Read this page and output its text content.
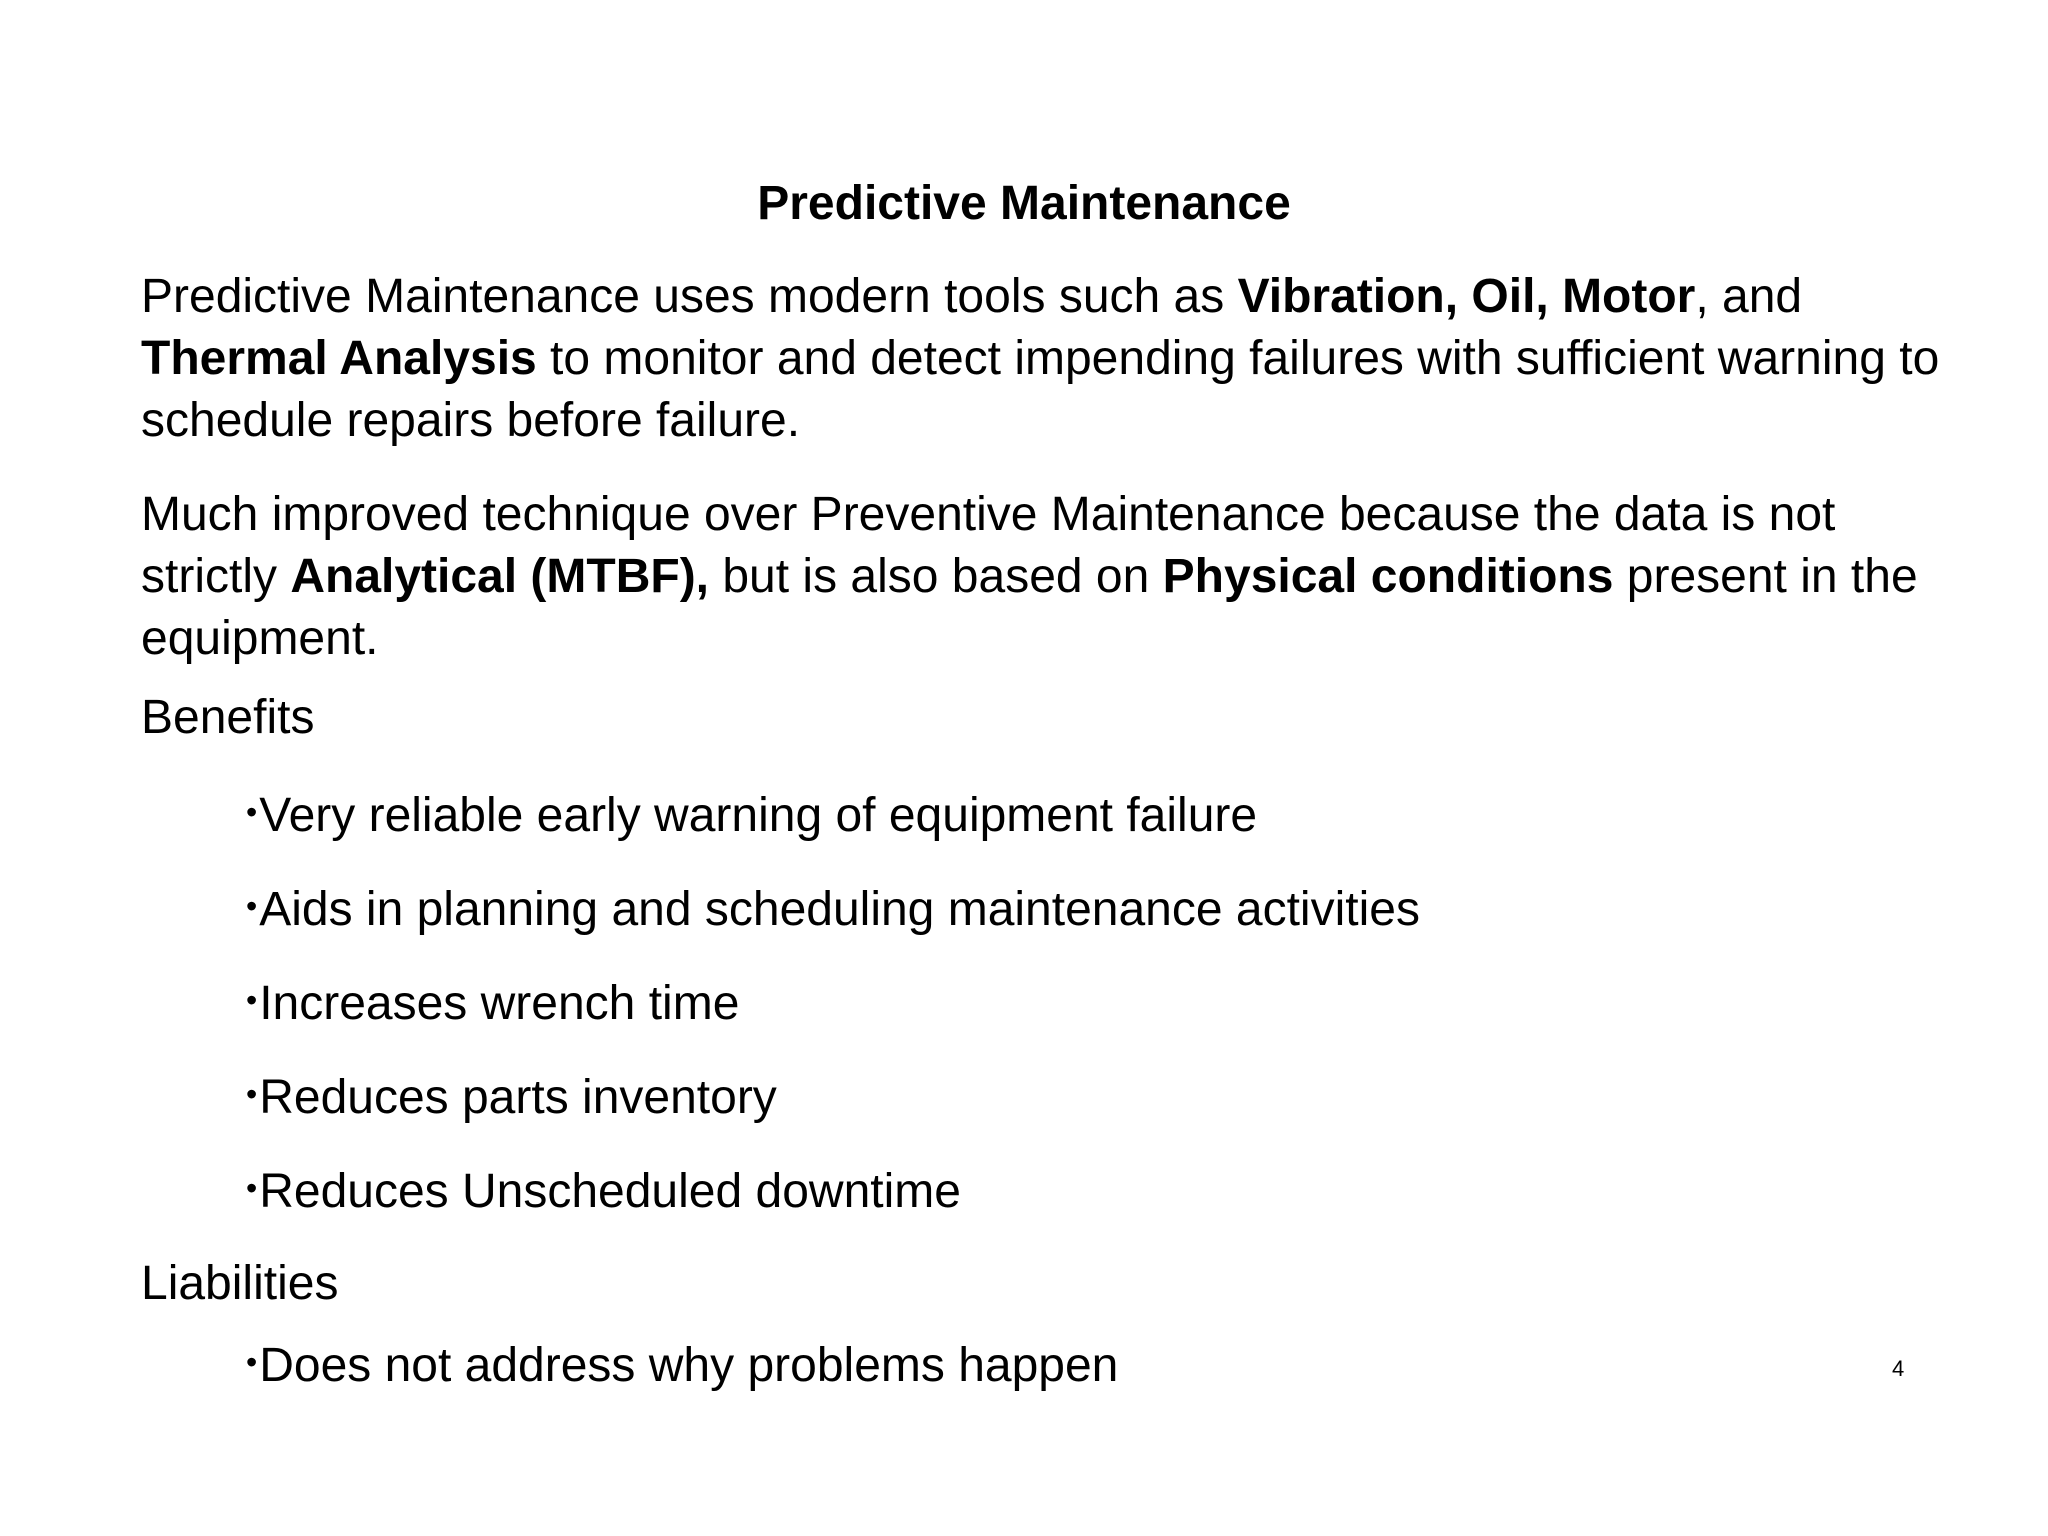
Predictive Maintenance

Predictive Maintenance uses modern tools such as Vibration, Oil, Motor, and Thermal Analysis to monitor and detect impending failures with sufficient warning to schedule repairs before failure.

Much improved technique over Preventive Maintenance because the data is not strictly Analytical (MTBF), but is also based on Physical conditions present in the equipment.

Benefits
•Very reliable early warning of equipment failure
•Aids in planning and scheduling maintenance activities
•Increases wrench time
•Reduces parts inventory
•Reduces Unscheduled downtime
Liabilities
•Does not address why problems happen	4
